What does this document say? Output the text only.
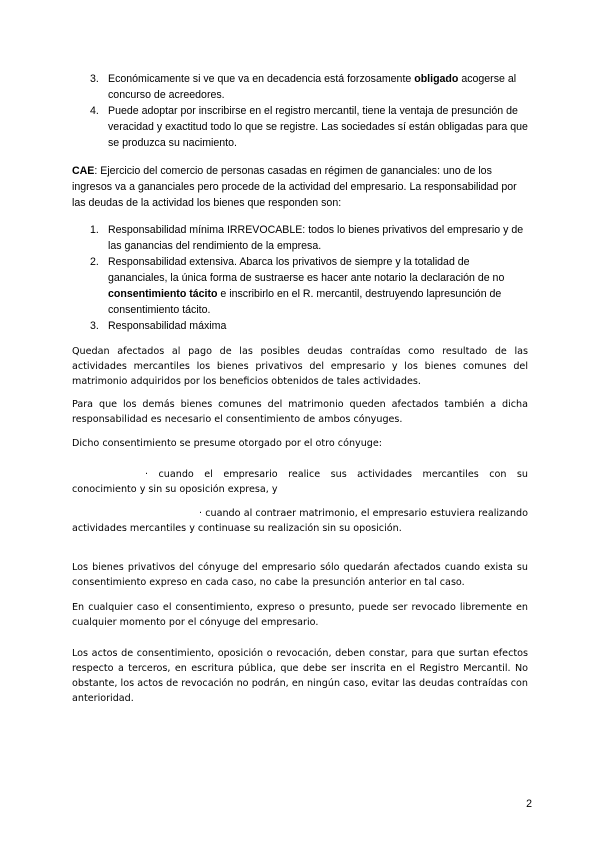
3. Económicamente si ve que va en decadencia está forzosamente obligado acogerse al concurso de acreedores.
4. Puede adoptar por inscribirse en el registro mercantil, tiene la ventaja de presunción de veracidad y exactitud todo lo que se registre. Las sociedades sí están obligadas para que se produzca su nacimiento.

CAE: Ejercicio del comercio de personas casadas en régimen de gananciales: uno de los ingresos va a gananciales pero procede de la actividad del empresario. La responsabilidad por las deudas de la actividad los bienes que responden son:

1. Responsabilidad mínima IRREVOCABLE: todos lo bienes privativos del empresario y de las ganancias del rendimiento de la empresa.
2. Responsabilidad extensiva. Abarca los privativos de siempre y la totalidad de gananciales, la única forma de sustraerse es hacer ante notario la declaración de no consentimiento tácito e inscribirlo en el R. mercantil, destruyendo lapresunción de consentimiento tácito.
3. Responsabilidad máxima

Quedan afectados al pago de las posibles deudas contraídas como resultado de las actividades mercantiles los bienes privativos del empresario y los bienes comunes del matrimonio adquiridos por los beneficios obtenidos de tales actividades.

Para que los demás bienes comunes del matrimonio queden afectados también a dicha responsabilidad es necesario el consentimiento de ambos cónyuges.

Dicho consentimiento se presume otorgado por el otro cónyuge:

· cuando el empresario realice sus actividades mercantiles con su conocimiento y sin su oposición expresa, y

· cuando al contraer matrimonio, el empresario estuviera realizando actividades mercantiles y continuase su realización sin su oposición.

Los bienes privativos del cónyuge del empresario sólo quedarán afectados cuando exista su consentimiento expreso en cada caso, no cabe la presunción anterior en tal caso.

En cualquier caso el consentimiento, expreso o presunto, puede ser revocado libremente en cualquier momento por el cónyuge del empresario.

Los actos de consentimiento, oposición o revocación, deben constar, para que surtan efectos respecto a terceros, en escritura pública, que debe ser inscrita en el Registro Mercantil. No obstante, los actos de revocación no podrán, en ningún caso, evitar las deudas contraídas con anterioridad.

2
